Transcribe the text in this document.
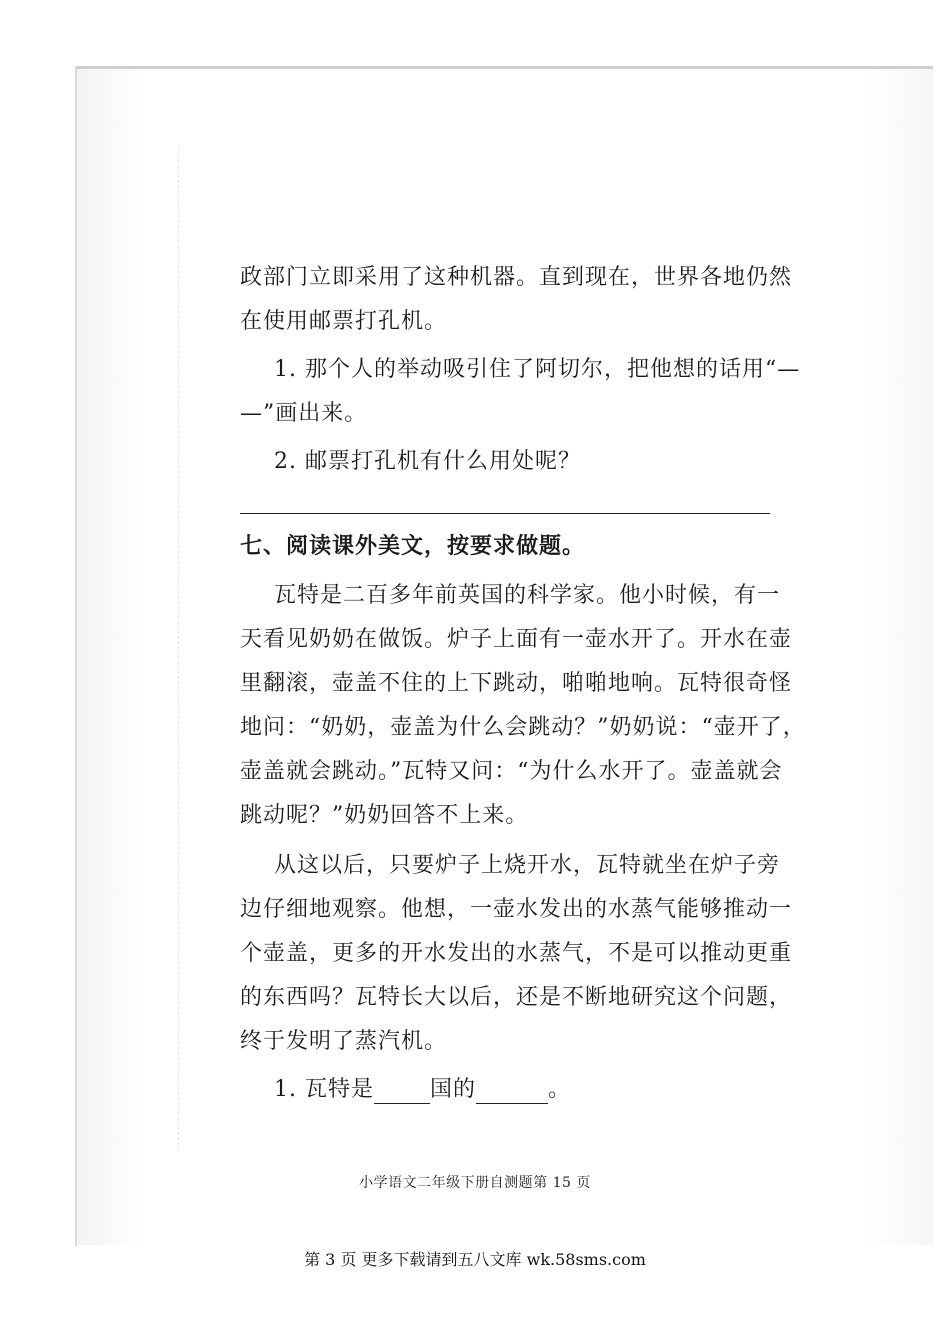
政部门立即采用了这种机器。直到现在，世界各地仍然

在使用邮票打孔机。

1. 那个人的举动吸引住了阿切尔，把他想的话用“—

—”画出来。

2. 邮票打孔机有什么用处呢？

七、阅读课外美文，按要求做题。

瓦特是二百多年前英国的科学家。他小时候，有一

天看见奶奶在做饭。炉子上面有一壶水开了。开水在壶

里翻滚，壶盖不住的上下跳动，啪啪地响。瓦特很奇怪

地问：“奶奶，壶盖为什么会跳动？”奶奶说：“壶开了，

壶盖就会跳动。”瓦特又问：“为什么水开了。壶盖就会

跳动呢？”奶奶回答不上来。

从这以后，只要炉子上烧开水，瓦特就坐在炉子旁

边仔细地观察。他想，一壶水发出的水蒸气能够推动一

个壶盖，更多的开水发出的水蒸气，不是可以推动更重

的东西吗？瓦特长大以后，还是不断地研究这个问题，

终于发明了蒸汽机。

1. 瓦特是	国的	。

小学语文二年级下册自测题第 15 页
第 3 页 更多下载请到五八文库 wk.58sms.com
